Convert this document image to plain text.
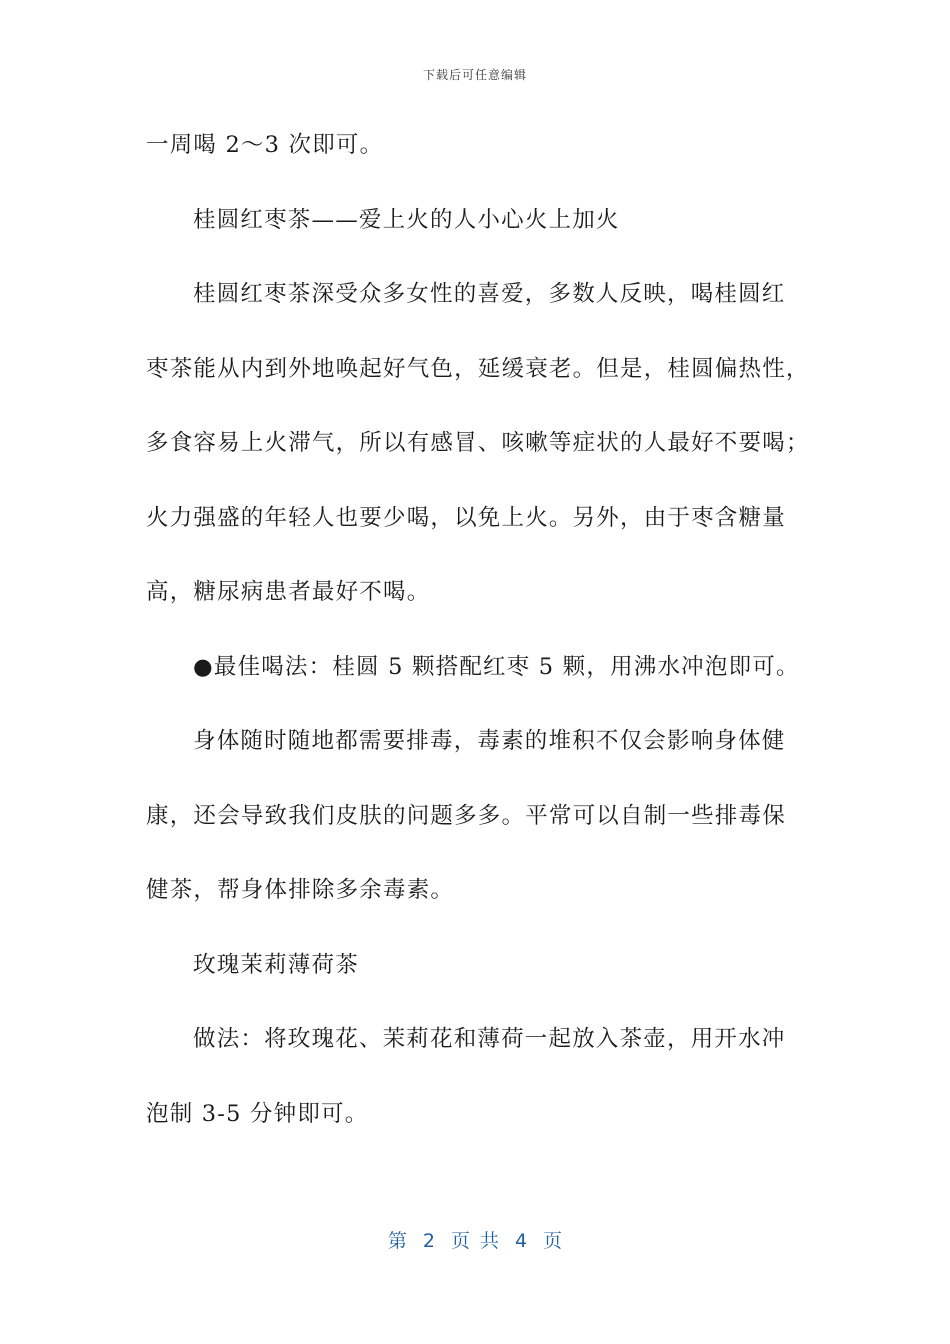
下载后可任意编辑
一周喝 2～3 次即可。
桂圆红枣茶——爱上火的人小心火上加火
桂圆红枣茶深受众多女性的喜爱，多数人反映，喝桂圆红
枣茶能从内到外地唤起好气色，延缓衰老。但是，桂圆偏热性，
多食容易上火滞气，所以有感冒、咳嗽等症状的人最好不要喝；
火力强盛的年轻人也要少喝，以免上火。另外，由于枣含糖量
高，糖尿病患者最好不喝。
●最佳喝法：桂圆 5 颗搭配红枣 5 颗，用沸水冲泡即可。
身体随时随地都需要排毒，毒素的堆积不仅会影响身体健
康，还会导致我们皮肤的问题多多。平常可以自制一些排毒保
健茶，帮身体排除多余毒素。
玫瑰茉莉薄荷茶
做法：将玫瑰花、茉莉花和薄荷一起放入茶壶，用开水冲
泡制 3-5 分钟即可。
第 2 页 共 4 页
